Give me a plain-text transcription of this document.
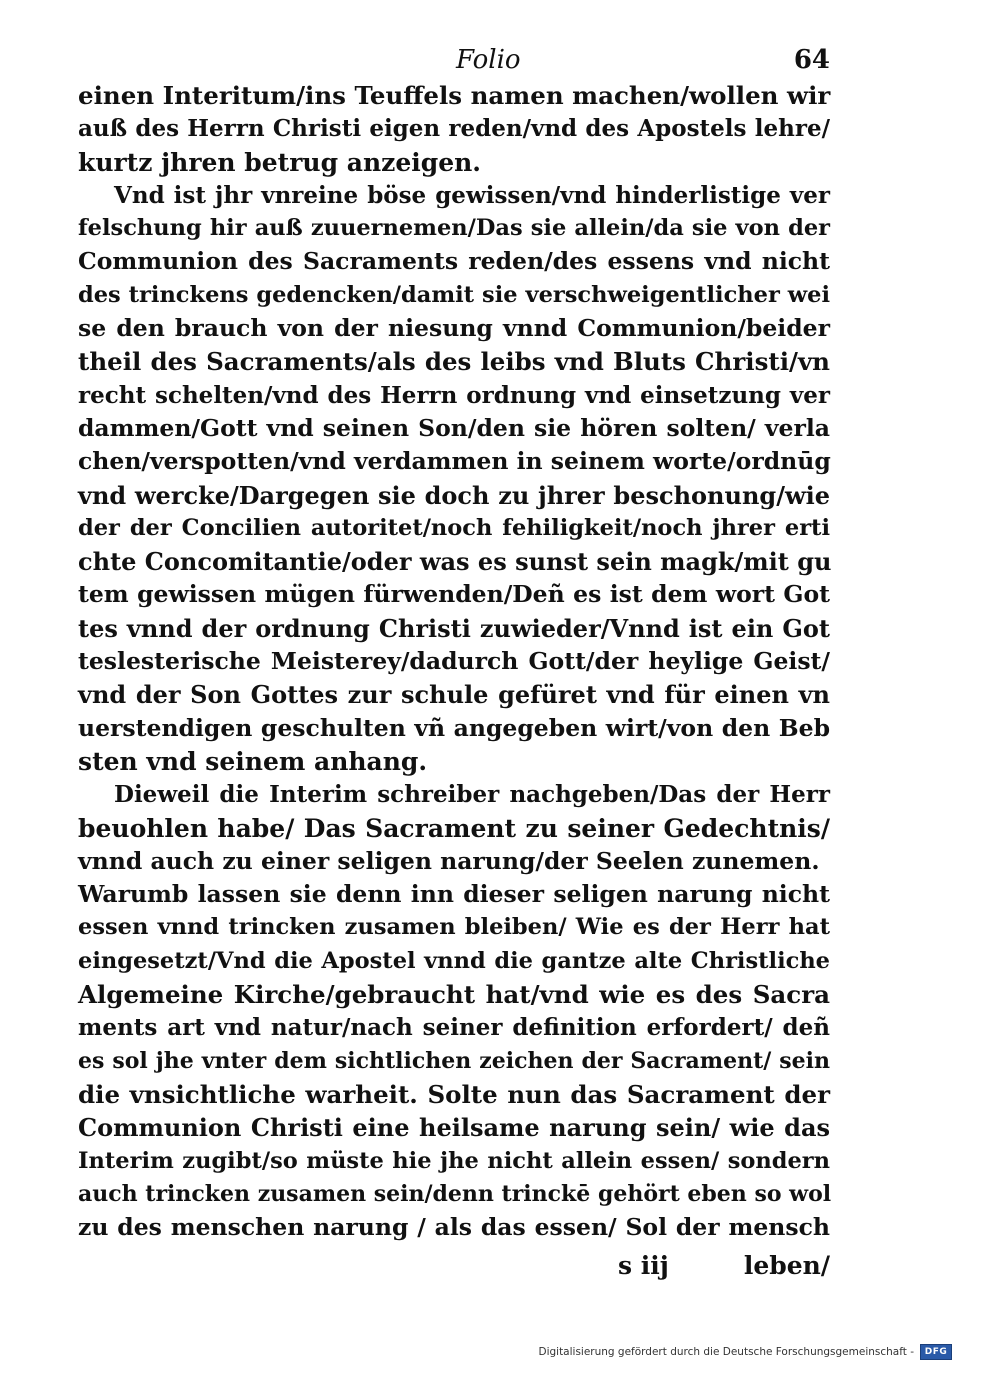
Folio	64
einen Interitum/ins Teuffels namen machen/wollen wir
auß des Herrn Christi eigen reden/vnd des Apostels lehre/
kurtz jhren betrug anzeigen.
Vnd ist jhr vnreine böse gewissen/vnd hinderlistige ver
felschung hir auß zuuernemen/Das sie allein/da sie von der
Communion des Sacraments reden/des essens vnd nicht
des trinckens gedencken/damit sie verschweigentlicher wei
se den brauch von der niesung vnnd Communion/beider
theil des Sacraments/als des leibs vnd Bluts Christi/vn
recht schelten/vnd des Herrn ordnung vnd einsetzung ver
dammen/Gott vnd seinen Son/den sie hören solten/ verla
chen/verspotten/vnd verdammen in seinem worte/ordnūg
vnd wercke/Dargegen sie doch zu jhrer beschonung/wie
der der Concilien autoritet/noch fehiligkeit/noch jhrer erti
chte Concomitantie/oder was es sunst sein magk/mit gu
tem gewissen mügen fürwenden/Deñ es ist dem wort Got
tes vnnd der ordnung Christi zuwieder/Vnnd ist ein Got
teslesterische Meisterey/dadurch Gott/der heylige Geist/
vnd der Son Gottes zur schule gefüret vnd für einen vn
uerstendigen geschulten vñ angegeben wirt/von den Beb
sten vnd seinem anhang.
Dieweil die Interim schreiber nachgeben/Das der Herr
beuohlen habe/ Das Sacrament zu seiner Gedechtnis/
vnnd auch zu einer seligen narung/der Seelen zunemen.
Warumb lassen sie denn inn dieser seligen narung nicht
essen vnnd trincken zusamen bleiben/ Wie es der Herr hat
eingesetzt/Vnd die Apostel vnnd die gantze alte Christliche
Algemeine Kirche/gebraucht hat/vnd wie es des Sacra
ments art vnd natur/nach seiner definition erfordert/ deñ
es sol jhe vnter dem sichtlichen zeichen der Sacrament/ sein
die vnsichtliche warheit. Solte nun das Sacrament der
Communion Christi eine heilsame narung sein/ wie das
Interim zugibt/so müste hie jhe nicht allein essen/ sondern
auch trincken zusamen sein/denn trinckē gehört eben so wol
zu des menschen narung / als das essen/ Sol der mensch
s iij	leben/
Digitalisierung gefördert durch die Deutsche Forschungsgemeinschaft -	DFG
